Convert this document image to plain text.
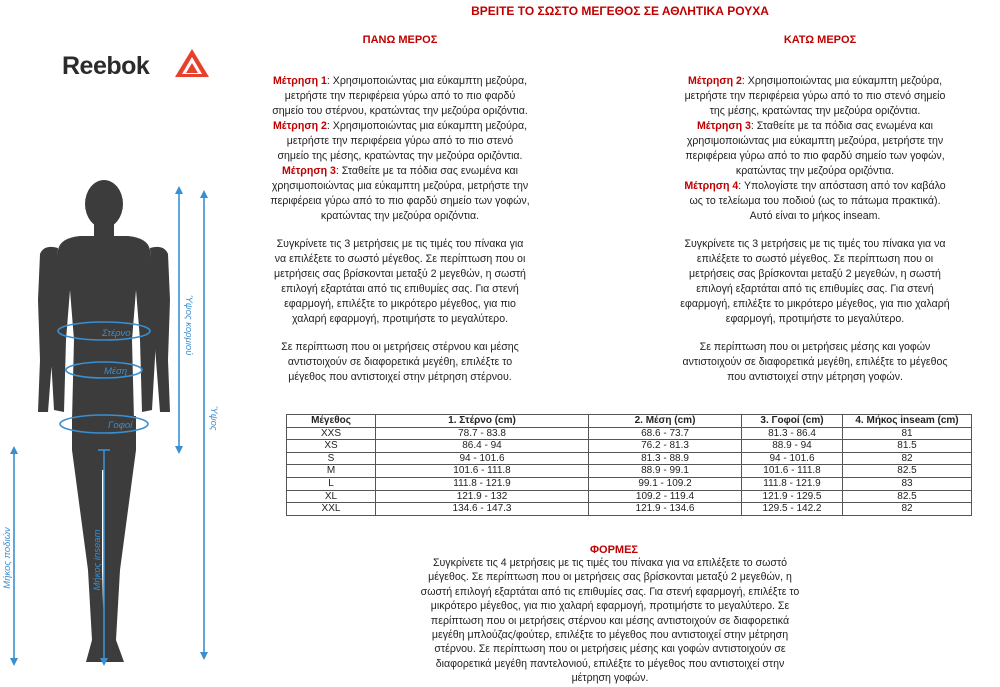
ΒΡΕΙΤΕ ΤΟ ΣΩΣΤΟ ΜΕΓΕΘΟΣ ΣΕ ΑΘΛΗΤΙΚΑ ΡΟΥΧΑ
Reebok
Στέρνο
Μέση
Γοφοί
Ύψος κορμιού
Ύψος
Μήκος ποδιών	Μήκος inseam
ΠΑΝΩ ΜΕΡΟΣ

Μέτρηση 1: Χρησιμοποιώντας μια εύκαμπτη μεζούρα,

μετρήστε την περιφέρεια γύρω από το πιο φαρδύ

σημείο του στέρνου, κρατώντας την μεζούρα οριζόντια.

Μέτρηση 2: Χρησιμοποιώντας μια εύκαμπτη μεζούρα,

μετρήστε την περιφέρεια γύρω από το πιο στενό

σημείο της μέσης, κρατώντας την μεζούρα οριζόντια.

Μέτρηση 3: Σταθείτε με τα πόδια σας ενωμένα και

χρησιμοποιώντας μια εύκαμπτη μεζούρα, μετρήστε την

περιφέρεια γύρω από το πιο φαρδύ σημείο των γοφών,

κρατώντας την μεζούρα οριζόντια.

Συγκρίνετε τις 3 μετρήσεις με τις τιμές του πίνακα για

να επιλέξετε το σωστό μέγεθος. Σε περίπτωση που οι

μετρήσεις σας βρίσκονται μεταξύ 2 μεγεθών, η σωστή

επιλογή εξαρτάται από τις επιθυμίες σας. Για στενή

εφαρμογή, επιλέξτε το μικρότερο μέγεθος, για πιο

χαλαρή εφαρμογή, προτιμήστε το μεγαλύτερο.

Σε περίπτωση που οι μετρήσεις στέρνου και μέσης

αντιστοιχούν σε διαφορετικά μεγέθη, επιλέξτε το

μέγεθος που αντιστοιχεί στην μέτρηση στέρνου.

ΚΑΤΩ ΜΕΡΟΣ

Μέτρηση 2: Χρησιμοποιώντας μια εύκαμπτη μεζούρα,

μετρήστε την περιφέρεια γύρω από το πιο στενό σημείο

της μέσης, κρατώντας την μεζούρα οριζόντια.

Μέτρηση 3: Σταθείτε με τα πόδια σας ενωμένα και

χρησιμοποιώντας μια εύκαμπτη μεζούρα, μετρήστε την

περιφέρεια γύρω από το πιο φαρδύ σημείο των γοφών,

κρατώντας την μεζούρα οριζόντια.

Μέτρηση 4: Υπολογίστε την απόσταση από τον καβάλο

ως το τελείωμα του ποδιού (ως το πάτωμα πρακτικά).

Αυτό είναι το μήκος inseam.

Συγκρίνετε τις 3 μετρήσεις με τις τιμές του πίνακα για να

επιλέξετε το σωστό μέγεθος. Σε περίπτωση που οι

μετρήσεις σας βρίσκονται μεταξύ 2 μεγεθών, η σωστή

επιλογή εξαρτάται από τις επιθυμίες σας. Για στενή

εφαρμογή, επιλέξτε το μικρότερο μέγεθος, για πιο χαλαρή

εφαρμογή, προτιμήστε το μεγαλύτερο.

Σε περίπτωση που οι μετρήσεις μέσης και γοφών

αντιστοιχούν σε διαφορετικά μεγέθη, επιλέξτε το μέγεθος

που αντιστοιχεί στην μέτρηση γοφών.

Μέγεθος	1. Στέρνο (cm)	2. Μέση (cm)	3. Γοφοί (cm)	4. Μήκος inseam (cm)
XXS	78.7 - 83.8	68.6 - 73.7	81.3 - 86.4	81
XS	86.4 - 94	76.2 - 81.3	88.9 - 94	81.5
S	94 - 101.6	81.3 - 88.9	94 - 101.6	82
M	101.6 - 111.8	88.9 - 99.1	101.6 - 111.8	82.5
L	111.8 - 121.9	99.1 - 109.2	111.8 - 121.9	83
XL	121.9 - 132	109.2 - 119.4	121.9 - 129.5	82.5
XXL	134.6 - 147.3	121.9 - 134.6	129.5 - 142.2	82
ΦΟΡΜΕΣ

Συγκρίνετε τις 4 μετρήσεις με τις τιμές του πίνακα για να επιλέξετε το σωστό

μέγεθος. Σε περίπτωση που οι μετρήσεις σας βρίσκονται μεταξύ 2 μεγεθών, η

σωστή επιλογή εξαρτάται από τις επιθυμίες σας. Για στενή εφαρμογή, επιλέξτε το

μικρότερο μέγεθος, για πιο χαλαρή εφαρμογή, προτιμήστε το μεγαλύτερο. Σε

περίπτωση που οι μετρήσεις στέρνου και μέσης αντιστοιχούν σε διαφορετικά

μεγέθη μπλούζας/φούτερ, επιλέξτε το μέγεθος που αντιστοιχεί στην μέτρηση

στέρνου. Σε περίπτωση που οι μετρήσεις μέσης και γοφών αντιστοιχούν σε

διαφορετικά μεγέθη παντελονιού, επιλέξτε το μέγεθος που αντιστοιχεί στην

μέτρηση γοφών.
